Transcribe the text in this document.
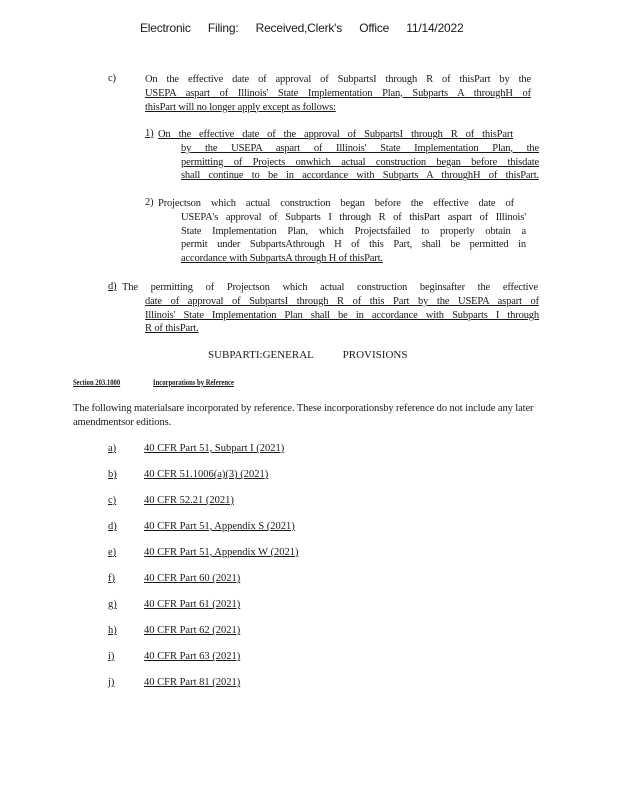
Electronic Filing: Received,Clerk's Office 11/14/2022
c)	On the effective date of approval of SubpartsI through R of thisPart by the
USEPA aspart of Illinois' State Implementation Plan, Subparts A throughH of
thisPart will no longer apply except as follows:
1) On the effective date of the approval of SubpartsI through R of thisPart
by the USEPA aspart of Illinois' State Implementation Plan, the
permitting of Projects onwhich actual construction began before thisdate
shall continue to be in accordance with Subparts A throughH of thisPart.
2) Projectson which actual construction began before the effective date of
USEPA's approval of Subparts I through R of thisPart aspart of Illinois'
State Implementation Plan, which Projectsfailed to properly obtain a
permit under SubpartsAthrough H of this Part, shall be permitted in
accordance with SubpartsA through H of thisPart.
d) The permitting of Projectson which actual construction beginsafter the effective
date of approval of SubpartsI through R of this Part by the USEPA aspart of
Illinois' State Implementation Plan shall be in accordance with Subparts I through
R of thisPart.
SUBPARTI:GENERAL	PROVISIONS
Section 203.1000	Incorporations by Reference
The following materialsare incorporated by reference. These incorporationsby reference do not include any later amendmentsor editions.
a)	40 CFR Part 51, Subpart I (2021)
b)	40 CFR 51.1006(a)(3) (2021)
c)	40 CFR 52.21 (2021)
d)	40 CFR Part 51, Appendix S (2021)
e)	40 CFR Part 51, Appendix W (2021)
f)	40 CFR Part 60 (2021)
g)	40 CFR Part 61 (2021)
h)	40 CFR Part 62 (2021)
i)	40 CFR Part 63 (2021)
j)	40 CFR Part 81 (2021)
